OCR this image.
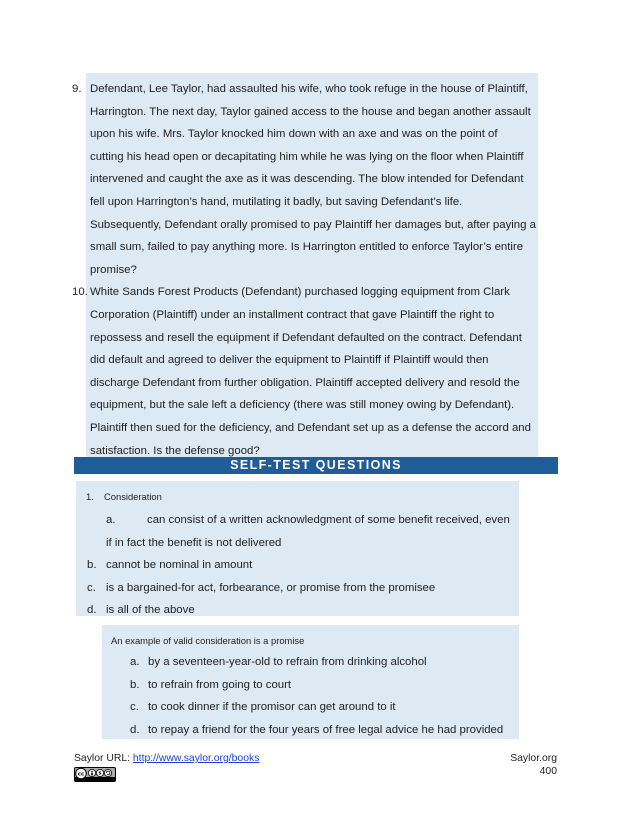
9. Defendant, Lee Taylor, had assaulted his wife, who took refuge in the house of Plaintiff,
Harrington. The next day, Taylor gained access to the house and began another assault
upon his wife. Mrs. Taylor knocked him down with an axe and was on the point of
cutting his head open or decapitating him while he was lying on the floor when Plaintiff
intervened and caught the axe as it was descending. The blow intended for Defendant
fell upon Harrington’s hand, mutilating it badly, but saving Defendant’s life.
Subsequently, Defendant orally promised to pay Plaintiff her damages but, after paying a
small sum, failed to pay anything more. Is Harrington entitled to enforce Taylor’s entire
promise?
10. White Sands Forest Products (Defendant) purchased logging equipment from Clark
Corporation (Plaintiff) under an installment contract that gave Plaintiff the right to
repossess and resell the equipment if Defendant defaulted on the contract. Defendant
did default and agreed to deliver the equipment to Plaintiff if Plaintiff would then
discharge Defendant from further obligation. Plaintiff accepted delivery and resold the
equipment, but the sale left a deficiency (there was still money owing by Defendant).
Plaintiff then sued for the deficiency, and Defendant set up as a defense the accord and
satisfaction. Is the defense good?
SELF-TEST QUESTIONS
1. Consideration
a.	can consist of a written acknowledgment of some benefit received, even
if in fact the benefit is not delivered
b. cannot be nominal in amount
c. is a bargained-for act, forbearance, or promise from the promisee
d. is all of the above
An example of valid consideration is a promise
a. by a seventeen-year-old to refrain from drinking alcohol
b. to refrain from going to court
c. to cook dinner if the promisor can get around to it
d. to repay a friend for the four years of free legal advice he had provided
Saylor URL: http://www.saylor.org/books	Saylor.org
400
cc	$
